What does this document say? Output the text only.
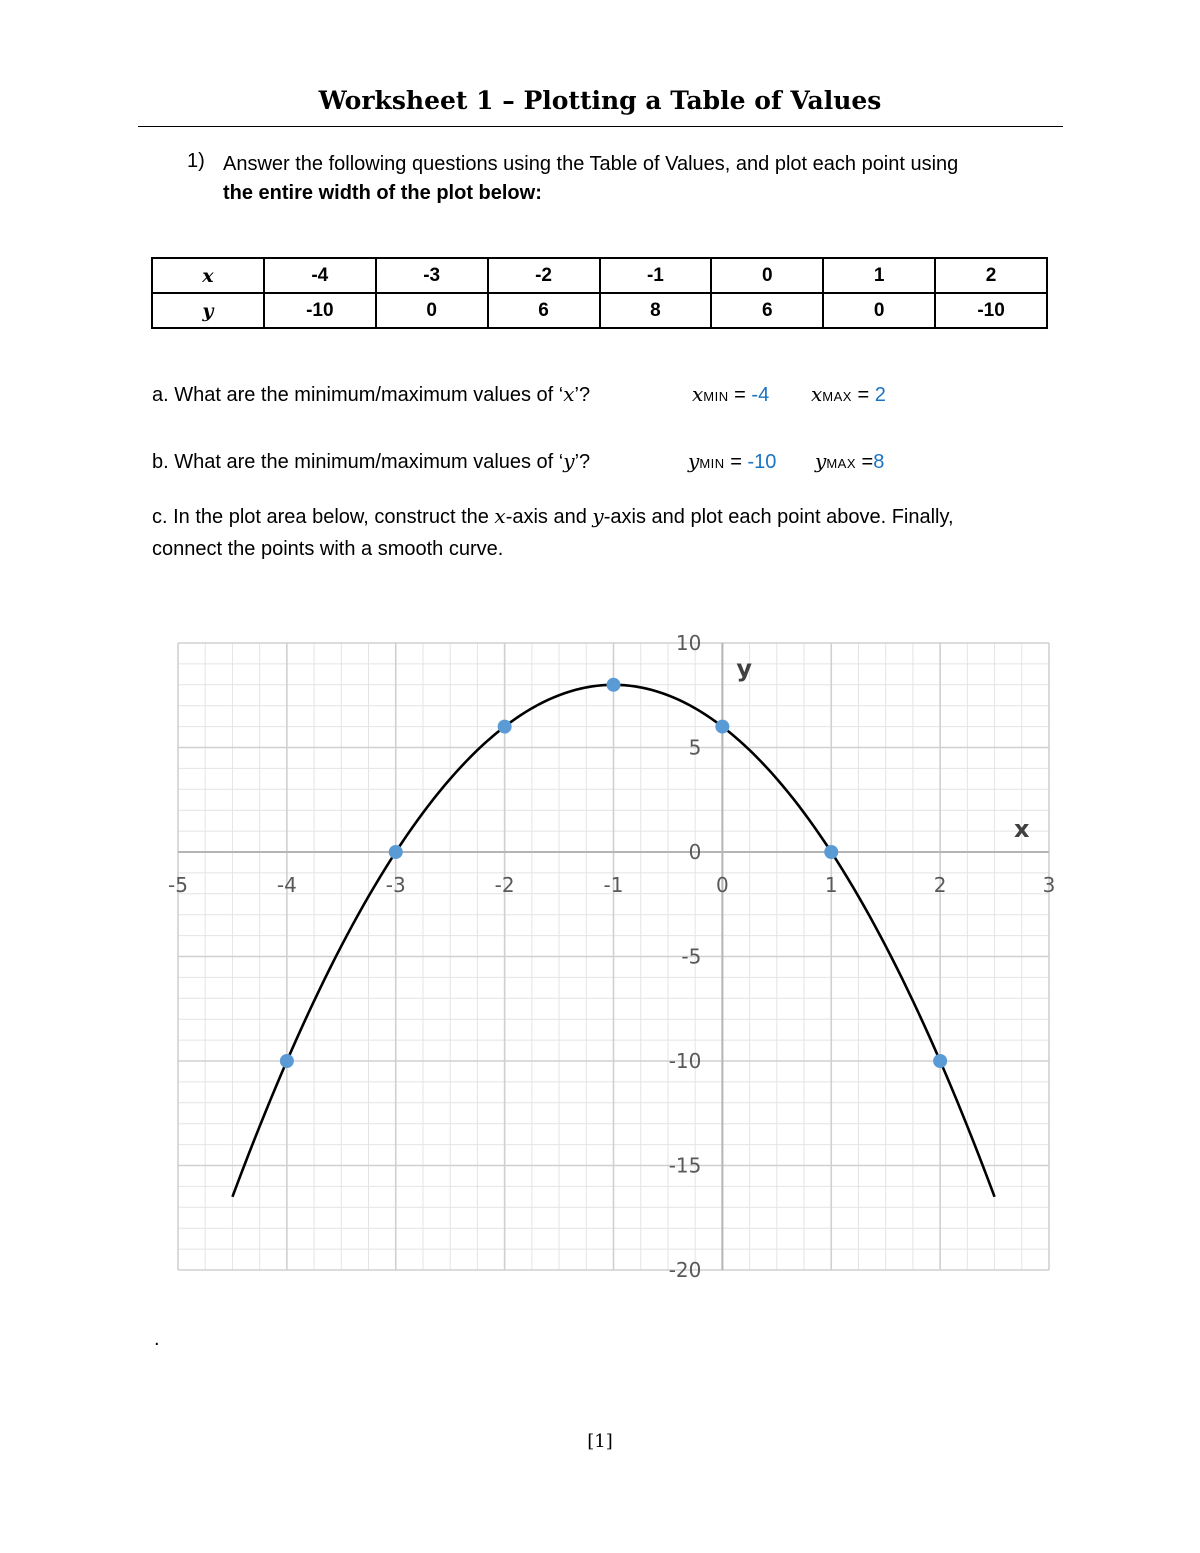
Worksheet 1 – Plotting a Table of Values
1) Answer the following questions using the Table of Values, and plot each point using
the entire width of the plot below:
x	-4	-3	-2	-1	0	1	2
y	-10	0	6	8	6	0	-10
a. What are the minimum/maximum values of ‘x’?	xMIN = -4 xMAX = 2
b. What are the minimum/maximum values of ‘y’?	yMIN = -10 yMAX =8
c. In the plot area below, construct the x-axis and y-axis and plot each point above. Finally,
connect the points with a smooth curve.
-5	-4	-3	-2	-1	0	1	2	3
10
5
0
-5
-10
-15
-20
x
y
.
[1]
